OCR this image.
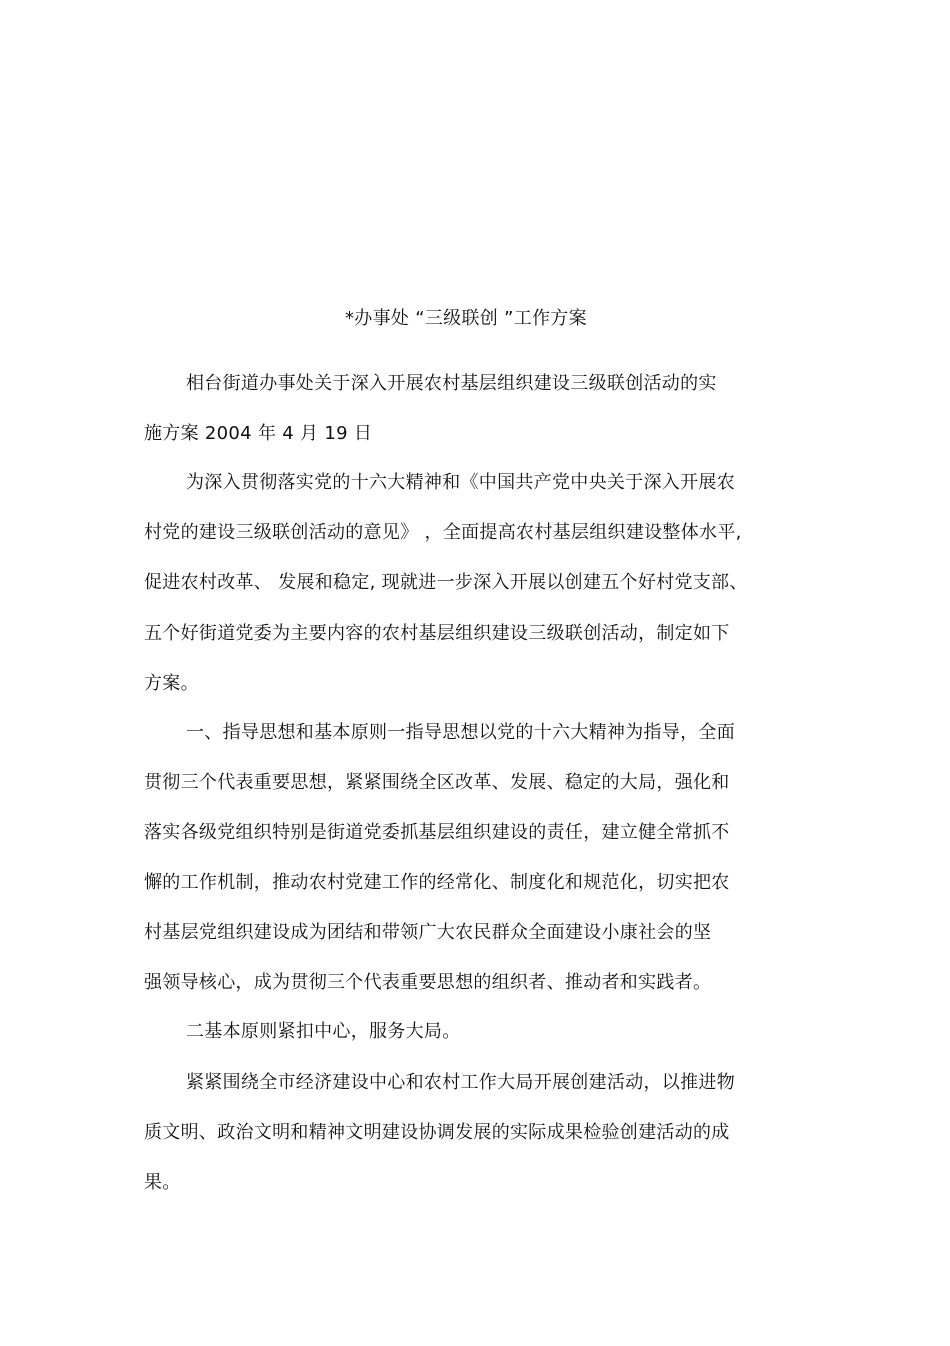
*办事处 “三级联创 ”工作方案
相台街道办事处关于深入开展农村基层组织建设三级联创活动的实
施方案 2004 年 4 月 19 日
为深入贯彻落实党的十六大精神和《中国共产党中央关于深入开展农
村党的建设三级联创活动的意见》 ，全面提高农村基层组织建设整体水平,
促进农村改革、 发展和稳定, 现就进一步深入开展以创建五个好村党支部、
五个好街道党委为主要内容的农村基层组织建设三级联创活动，制定如下
方案。
一、指导思想和基本原则一指导思想以党的十六大精神为指导，全面
贯彻三个代表重要思想，紧紧围绕全区改革、发展、稳定的大局，强化和
落实各级党组织特别是街道党委抓基层组织建设的责任，建立健全常抓不
懈的工作机制，推动农村党建工作的经常化、制度化和规范化，切实把农
村基层党组织建设成为团结和带领广大农民群众全面建设小康社会的坚
强领导核心，成为贯彻三个代表重要思想的组织者、推动者和实践者。
二基本原则紧扣中心，服务大局。
紧紧围绕全市经济建设中心和农村工作大局开展创建活动，以推进物
质文明、政治文明和精神文明建设协调发展的实际成果检验创建活动的成
果。
